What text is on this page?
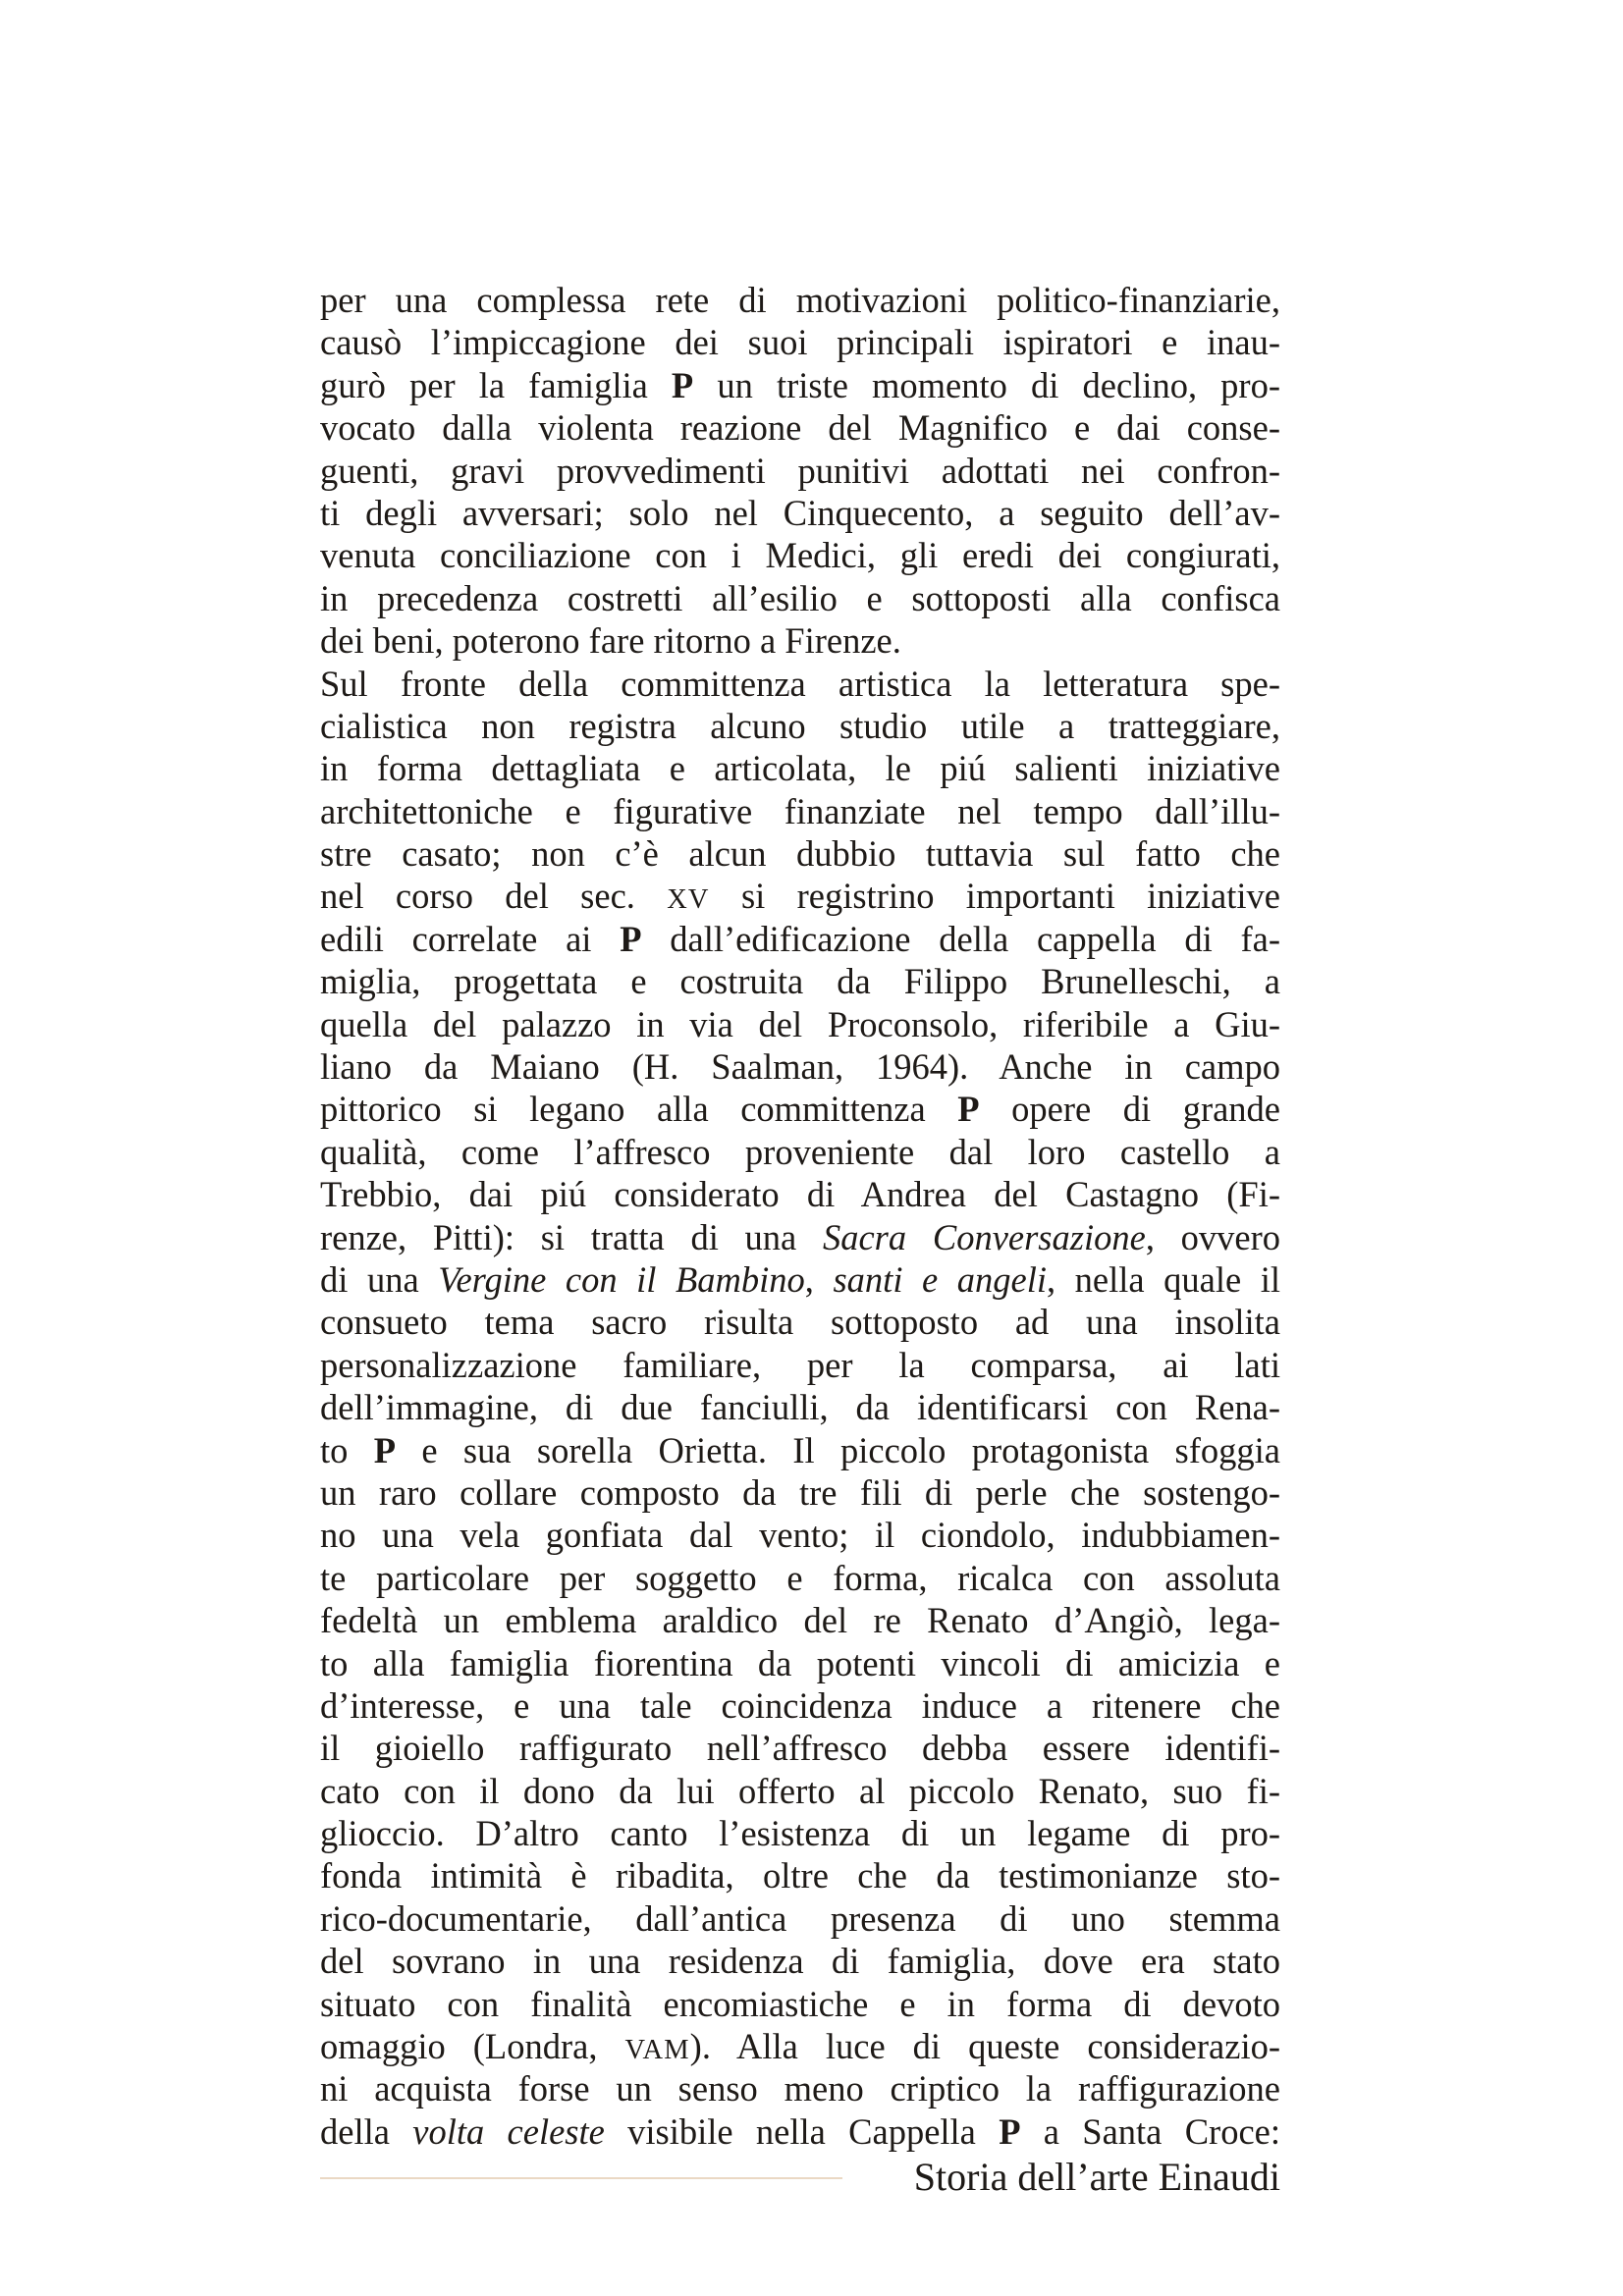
per una complessa rete di motivazioni politico-finanziarie,
causò l’impiccagione dei suoi principali ispiratori e inau-
gurò per la famiglia P un triste momento di declino, pro-
vocato dalla violenta reazione del Magnifico e dai conse-
guenti, gravi provvedimenti punitivi adottati nei confron-
ti degli avversari; solo nel Cinquecento, a seguito dell’av-
venuta conciliazione con i Medici, gli eredi dei congiurati,
in precedenza costretti all’esilio e sottoposti alla confisca
dei beni, poterono fare ritorno a Firenze.
Sul fronte della committenza artistica la letteratura spe-
cialistica non registra alcuno studio utile a tratteggiare,
in forma dettagliata e articolata, le piú salienti iniziative
architettoniche e figurative finanziate nel tempo dall’illu-
stre casato; non c’è alcun dubbio tuttavia sul fatto che
nel corso del sec. XV si registrino importanti iniziative
edili correlate ai P dall’edificazione della cappella di fa-
miglia, progettata e costruita da Filippo Brunelleschi, a
quella del palazzo in via del Proconsolo, riferibile a Giu-
liano da Maiano (H. Saalman, 1964). Anche in campo
pittorico si legano alla committenza P opere di grande
qualità, come l’affresco proveniente dal loro castello a
Trebbio, dai piú considerato di Andrea del Castagno (Fi-
renze, Pitti): si tratta di una Sacra Conversazione, ovvero
di una Vergine con il Bambino, santi e angeli, nella quale il
consueto tema sacro risulta sottoposto ad una insolita
personalizzazione familiare, per la comparsa, ai lati
dell’immagine, di due fanciulli, da identificarsi con Rena-
to P e sua sorella Orietta. Il piccolo protagonista sfoggia
un raro collare composto da tre fili di perle che sostengo-
no una vela gonfiata dal vento; il ciondolo, indubbiamen-
te particolare per soggetto e forma, ricalca con assoluta
fedeltà un emblema araldico del re Renato d’Angiò, lega-
to alla famiglia fiorentina da potenti vincoli di amicizia e
d’interesse, e una tale coincidenza induce a ritenere che
il gioiello raffigurato nell’affresco debba essere identifi-
cato con il dono da lui offerto al piccolo Renato, suo fi-
glioccio. D’altro canto l’esistenza di un legame di pro-
fonda intimità è ribadita, oltre che da testimonianze sto-
rico-documentarie, dall’antica presenza di uno stemma
del sovrano in una residenza di famiglia, dove era stato
situato con finalità encomiastiche e in forma di devoto
omaggio (Londra, VAM). Alla luce di queste considerazio-
ni acquista forse un senso meno criptico la raffigurazione
della volta celeste visibile nella Cappella P a Santa Croce:
Storia dell’arte Einaudi
